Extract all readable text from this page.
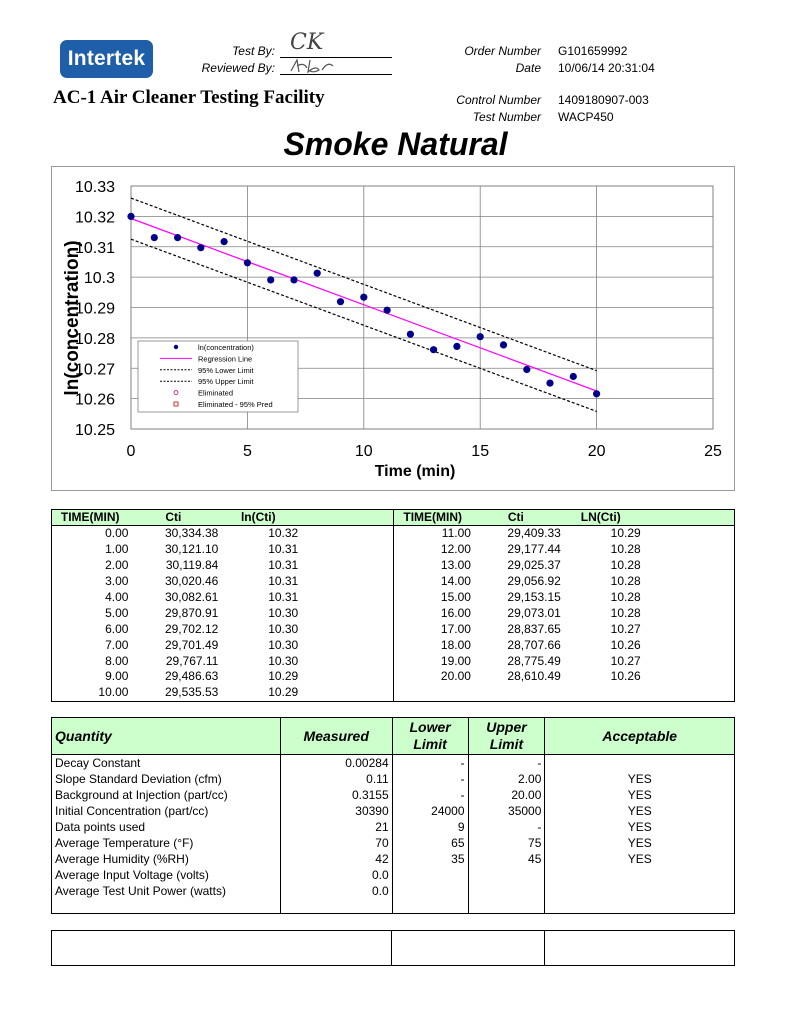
Intertek	Test By: CK
Reviewed By:
Order Number G101659992
Date 10/06/14 20:31:04
AC-1 Air Cleaner Testing Facility	Control Number 1409180907-003
Test Number WACP450
Smoke Natural
10.25
10.26
10.27
10.28
10.29
10.3
10.31
10.32
10.33
0	5	10	15	20	25
Time (min)
ln(concentration)	ln(concentration)
Regression Line
95% Lower Limit
95% Upper Limit
Eliminated
Eliminated - 95% Pred
TIME(MIN)	Cti	ln(Cti)		TIME(MIN)	Cti	LN(Cti)	
0.00	30,334.38	10.32		11.00	29,409.33	10.29	
1.00	30,121.10	10.31		12.00	29,177.44	10.28	
2.00	30,119.84	10.31		13.00	29,025.37	10.28	
3.00	30,020.46	10.31		14.00	29,056.92	10.28	
4.00	30,082.61	10.31		15.00	29,153.15	10.28	
5.00	29,870.91	10.30		16.00	29,073.01	10.28	
6.00	29,702.12	10.30		17.00	28,837.65	10.27	
7.00	29,701.49	10.30		18.00	28,707.66	10.26	
8.00	29,767.11	10.30		19.00	28,775.49	10.27	
9.00	29,486.63	10.29		20.00	28,610.49	10.26	
10.00	29,535.53	10.29					
Quantity	Measured	Lower Limit	Upper Limit	Acceptable
Decay Constant	0.00284	-	-	
Slope Standard Deviation (cfm)	0.11	-	2.00	YES
Background at Injection (part/cc)	0.3155	-	20.00	YES
Initial Concentration (part/cc)	30390	24000	35000	YES
Data points used	21	9	-	YES
Average Temperature (°F)	70	65	75	YES
Average Humidity (%RH)	42	35	45	YES
Average Input Voltage (volts)	0.0			
Average Test Unit Power (watts)	0.0			
